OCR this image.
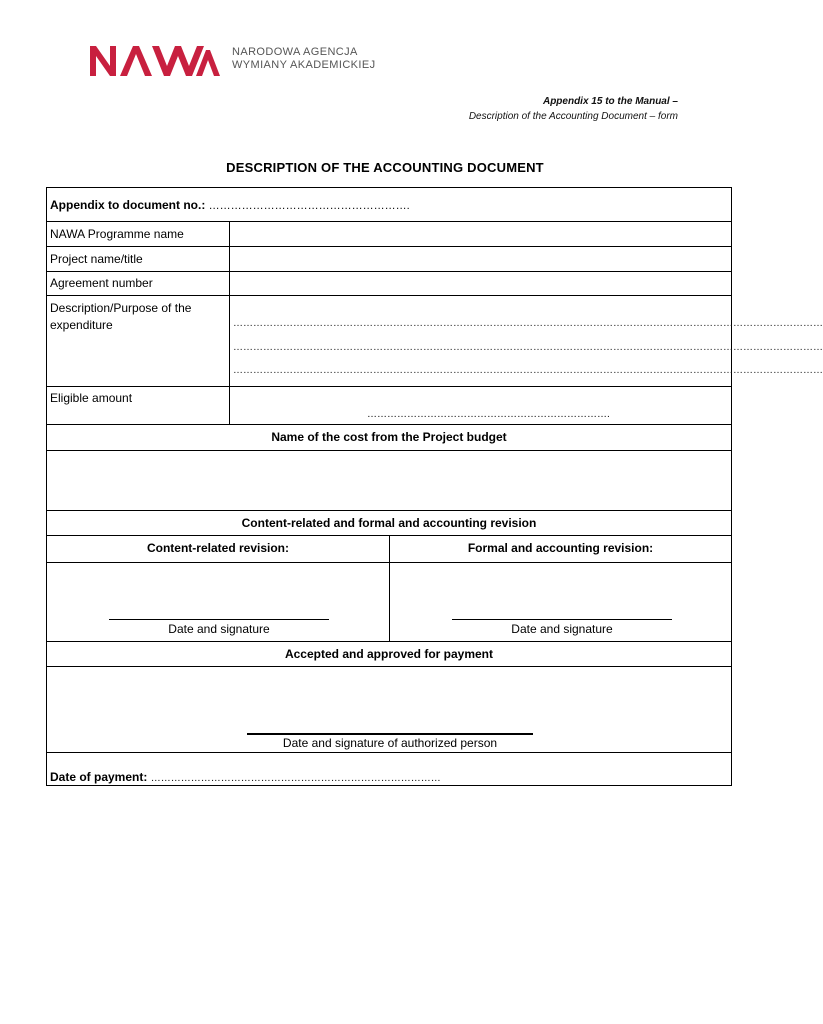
NARODOWA AGENCJA
WYMIANY AKADEMICKIEJ
Appendix 15 to the Manual –
Description of the Accounting Document – form
DESCRIPTION OF THE ACCOUNTING DOCUMENT
Appendix to document no.: ……………………………………………….
NAWA Programme name
Project name/title
Agreement number
Description/Purpose of the
expenditure	……………………………………………………………………………………………………………………………………………………………
……………………………………………………………………………………………………………………………………………………………
……………………………………………………………………………………………………………………………………………………………
Eligible amount
……………………………………………………………….
Name of the cost from the Project budget
Content-related and formal and accounting revision
Content-related revision:	Formal and accounting revision:
Date and signature	Date and signature
Accepted and approved for payment
Date and signature of authorized person
Date of payment: ……………………………………………………………………………
